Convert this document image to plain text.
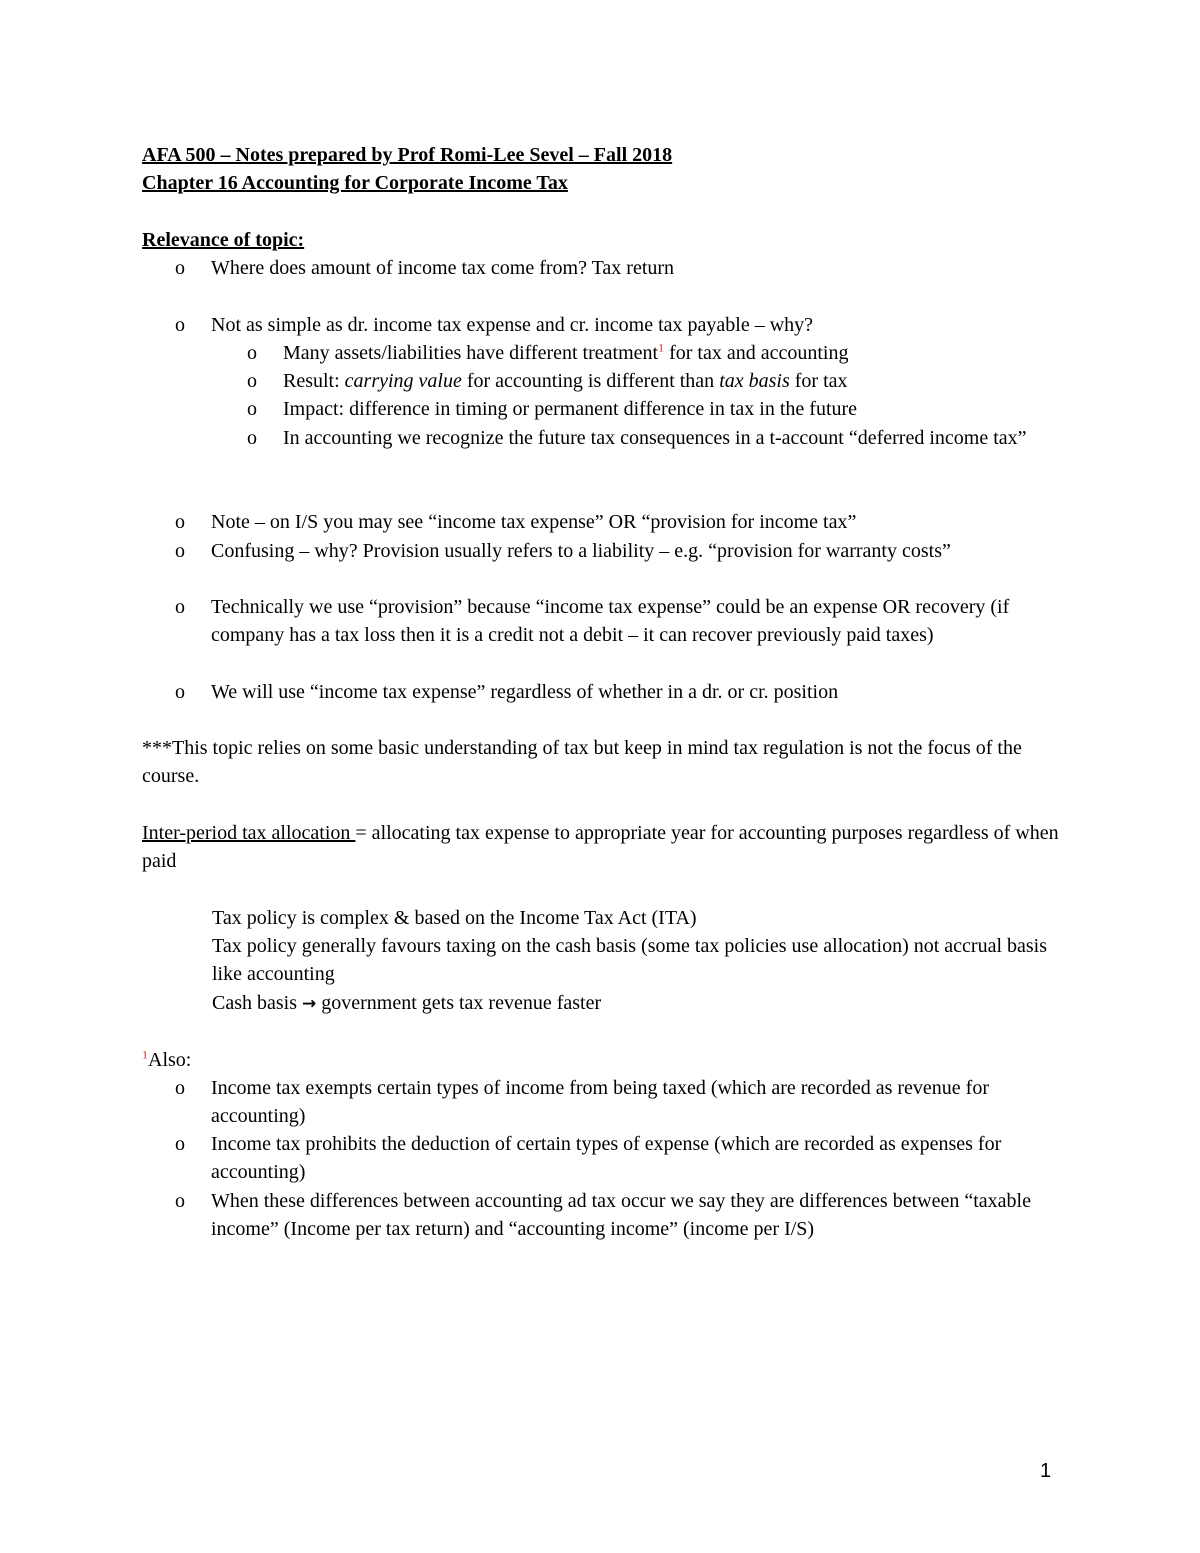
AFA 500 – Notes prepared by Prof Romi-Lee Sevel – Fall 2018
Chapter 16 Accounting for Corporate Income Tax
Relevance of topic:
o Where does amount of income tax come from? Tax return
o Not as simple as dr. income tax expense and cr. income tax payable – why?
o Many assets/liabilities have different treatment$^1$ for tax and accounting
o Result: carrying value for accounting is different than tax basis for tax
o Impact: difference in timing or permanent difference in tax in the future
o In accounting we recognize the future tax consequences in a t-account “deferred income tax”
o Note – on I/S you may see “income tax expense” OR “provision for income tax”
o Confusing – why? Provision usually refers to a liability – e.g. “provision for warranty costs”
o Technically we use “provision” because “income tax expense” could be an expense OR recovery (if company has a tax loss then it is a credit not a debit – it can recover previously paid taxes)
o We will use “income tax expense” regardless of whether in a dr. or cr. position
***This topic relies on some basic understanding of tax but keep in mind tax regulation is not the focus of the course.
Inter-period tax allocation = allocating tax expense to appropriate year for accounting purposes regardless of when paid
Tax policy is complex & based on the Income Tax Act (ITA)
Tax policy generally favours taxing on the cash basis (some tax policies use allocation) not accrual basis like accounting
Cash basis → government gets tax revenue faster
$^1$Also:
o Income tax exempts certain types of income from being taxed (which are recorded as revenue for accounting)
o Income tax prohibits the deduction of certain types of expense (which are recorded as expenses for accounting)
o When these differences between accounting ad tax occur we say they are differences between “taxable income” (Income per tax return) and “accounting income” (income per I/S)
1
